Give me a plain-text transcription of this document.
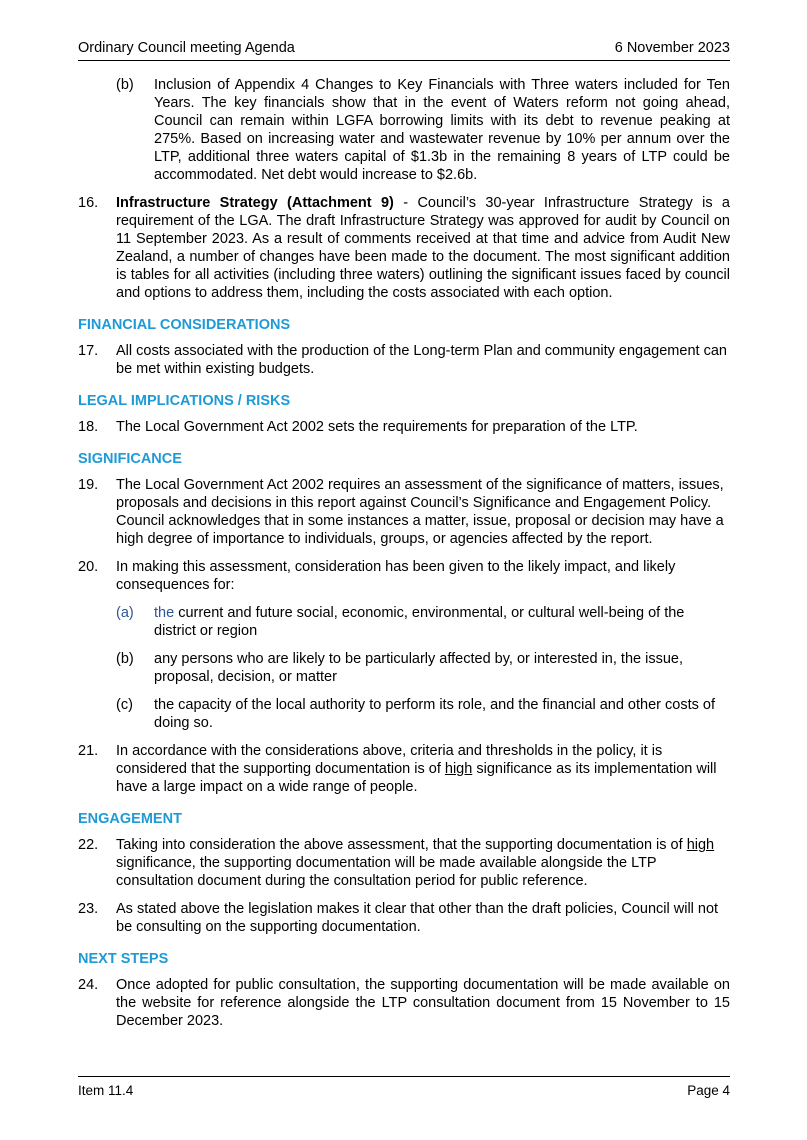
Ordinary Council meeting Agenda	6 November 2023
(b) Inclusion of Appendix 4 Changes to Key Financials with Three waters included for Ten Years. The key financials show that in the event of Waters reform not going ahead, Council can remain within LGFA borrowing limits with its debt to revenue peaking at 275%. Based on increasing water and wastewater revenue by 10% per annum over the LTP, additional three waters capital of $1.3b in the remaining 8 years of LTP could be accommodated. Net debt would increase to $2.6b.
16. Infrastructure Strategy (Attachment 9) - Council’s 30-year Infrastructure Strategy is a requirement of the LGA. The draft Infrastructure Strategy was approved for audit by Council on 11 September 2023. As a result of comments received at that time and advice from Audit New Zealand, a number of changes have been made to the document. The most significant addition is tables for all activities (including three waters) outlining the significant issues faced by council and options to address them, including the costs associated with each option.
FINANCIAL CONSIDERATIONS
17. All costs associated with the production of the Long-term Plan and community engagement can be met within existing budgets.
LEGAL IMPLICATIONS / RISKS
18. The Local Government Act 2002 sets the requirements for preparation of the LTP.
SIGNIFICANCE
19. The Local Government Act 2002 requires an assessment of the significance of matters, issues, proposals and decisions in this report against Council’s Significance and Engagement Policy. Council acknowledges that in some instances a matter, issue, proposal or decision may have a high degree of importance to individuals, groups, or agencies affected by the report.
20. In making this assessment, consideration has been given to the likely impact, and likely consequences for:
(a) the current and future social, economic, environmental, or cultural well-being of the district or region
(b) any persons who are likely to be particularly affected by, or interested in, the issue, proposal, decision, or matter
(c) the capacity of the local authority to perform its role, and the financial and other costs of doing so.
21. In accordance with the considerations above, criteria and thresholds in the policy, it is considered that the supporting documentation is of high significance as its implementation will have a large impact on a wide range of people.
ENGAGEMENT
22. Taking into consideration the above assessment, that the supporting documentation is of high significance, the supporting documentation will be made available alongside the LTP consultation document during the consultation period for public reference.
23. As stated above the legislation makes it clear that other than the draft policies, Council will not be consulting on the supporting documentation.
NEXT STEPS
24. Once adopted for public consultation, the supporting documentation will be made available on the website for reference alongside the LTP consultation document from 15 November to 15 December 2023.
Item 11.4	Page 4
